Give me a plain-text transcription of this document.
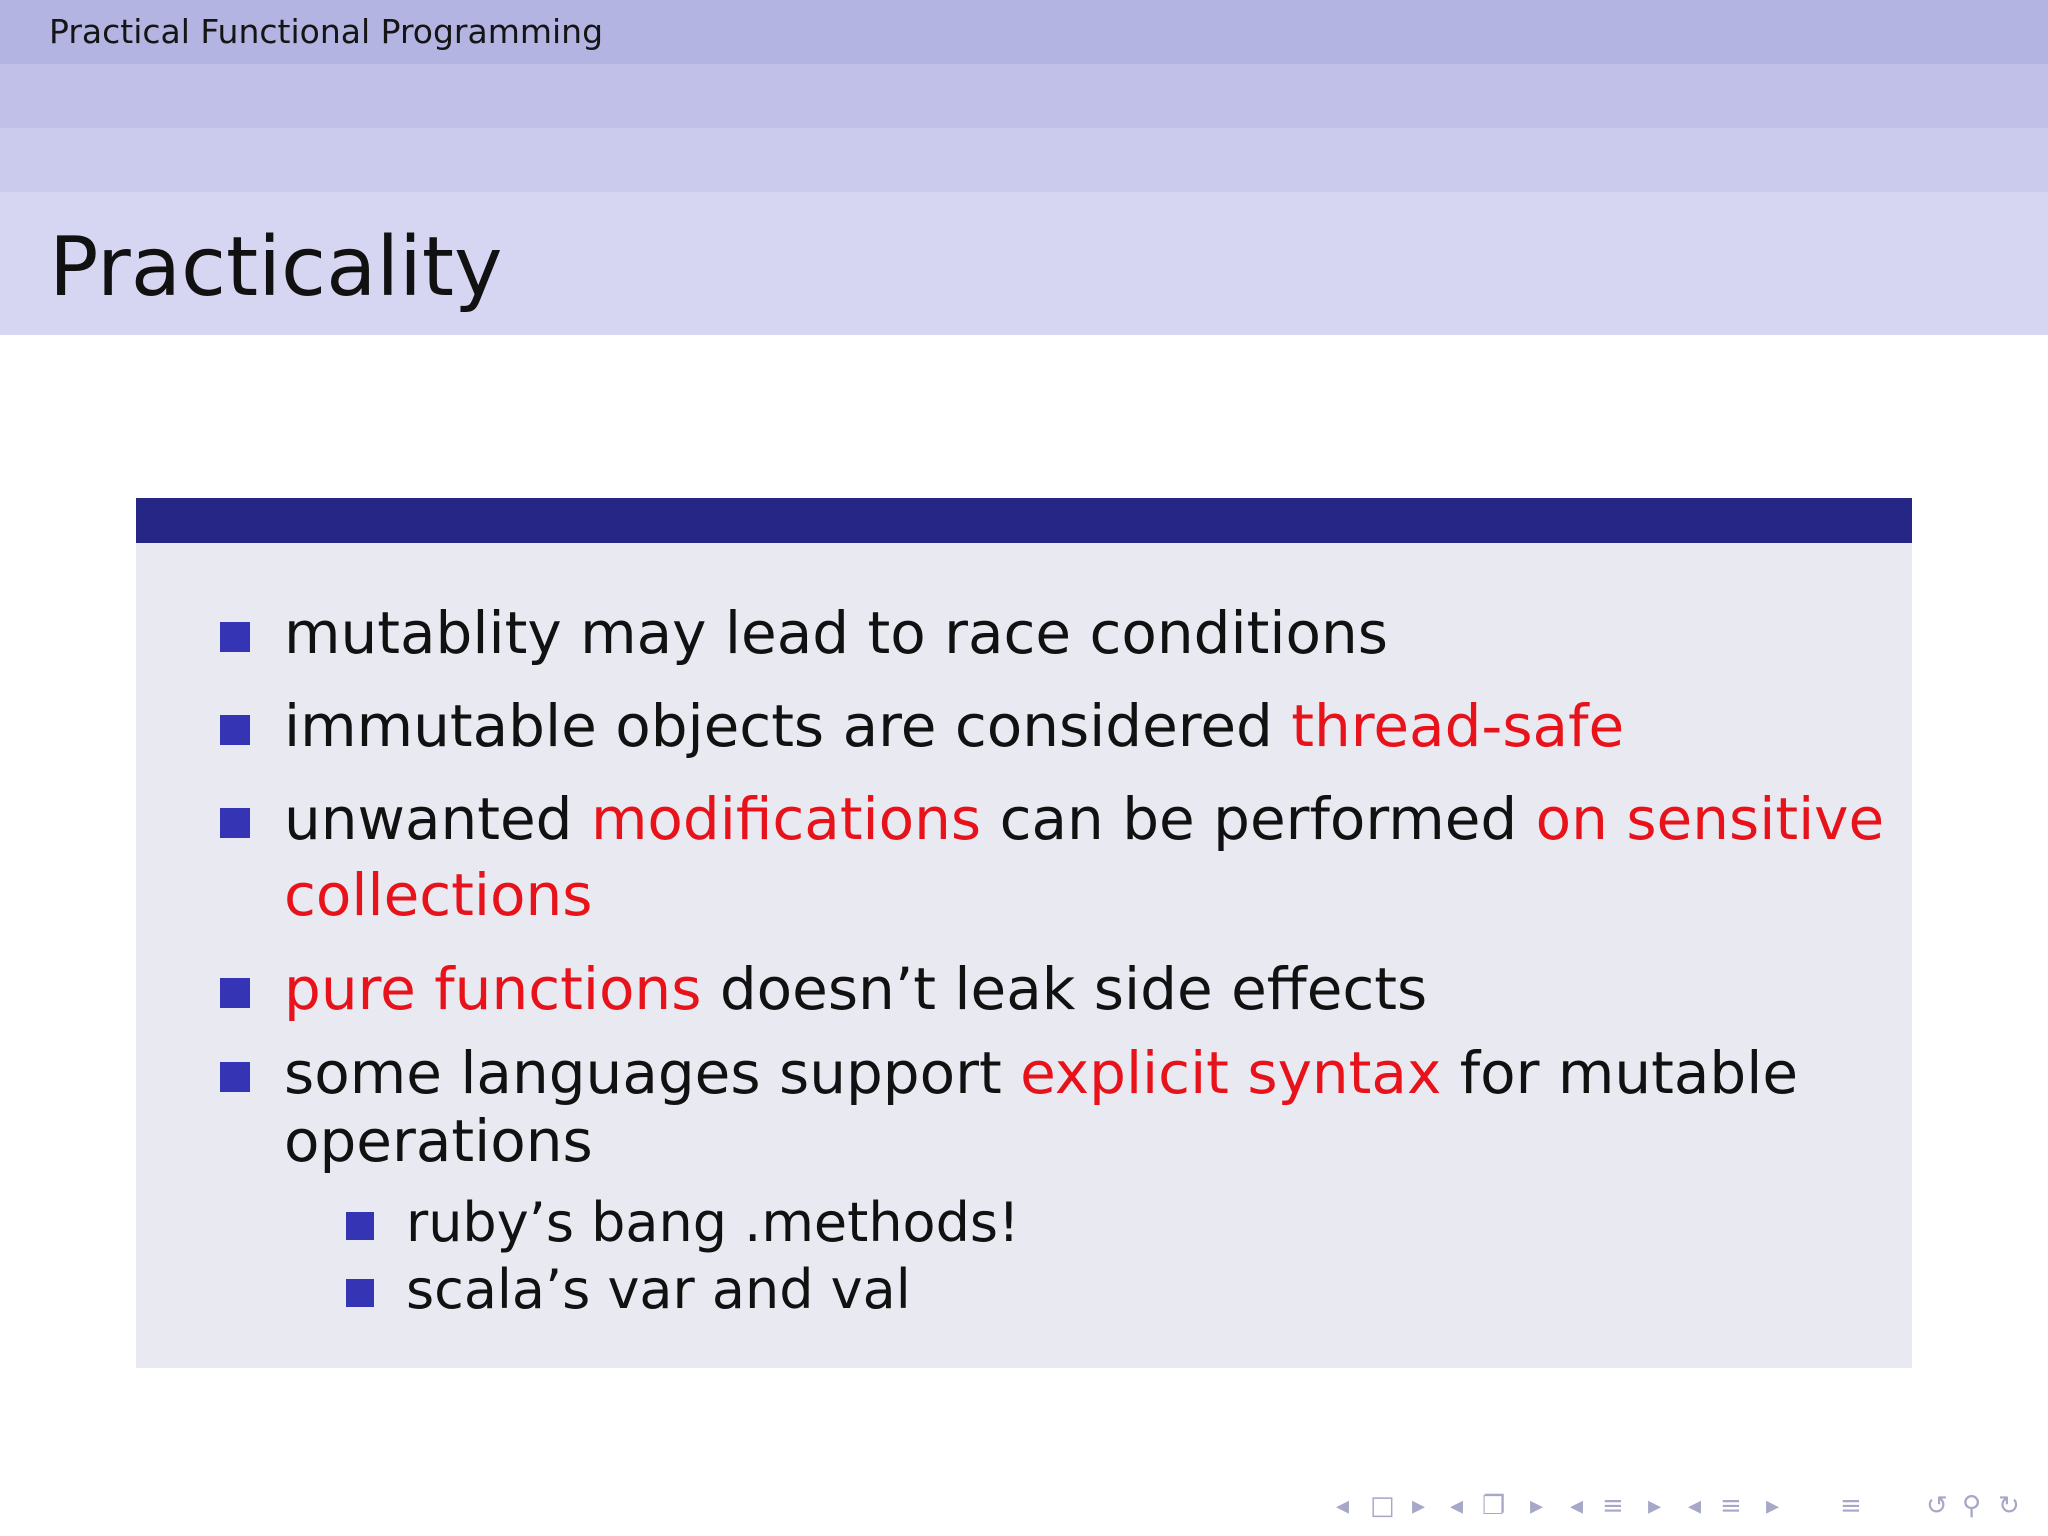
Practical Functional Programming
Practicality
mutablity may lead to race conditions
immutable objects are considered thread-safe
unwanted modifications can be performed on sensitive
collections
pure functions doesn’t leak side effects
some languages support explicit syntax for mutable
operations
ruby’s bang .methods!
scala’s var and val
◂ □ ▸ ◂ ❐ ▸ ◂ ≡ ▸ ◂ ≡ ▸ ≡ ↺ ⚲ ↻
